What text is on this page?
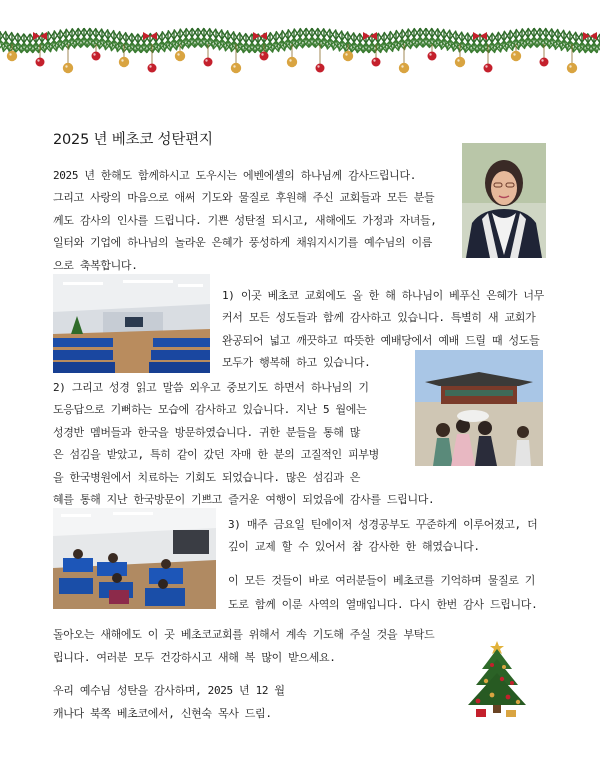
2025 년 베초코 성탄편지
2025 년 한해도 함께하시고 도우시는 에벤에셀의 하나님께 감사드립니다.
그리고 사랑의 마음으로 애써 기도와 물질로 후원해 주신 교회들과 모든 분들
께도 감사의 인사를 드립니다. 기쁜 성탄절 되시고, 새해에도 가정과 자녀들,
일터와 기업에 하나님의 놀라운 은혜가 풍성하게 채워지시기를 예수님의 이름
으로 축복합니다.
1) 이곳 베초코 교회에도 올 한 해 하나님이 베푸신 은혜가 너무
커서 모든 성도들과 함께 감사하고 있습니다. 특별히 새 교회가
완공되어 넓고 깨끗하고 따뜻한 예배당에서 예배 드릴 때 성도들
모두가 행복해 하고 있습니다.
2) 그리고 성경 읽고 말씀 외우고 중보기도 하면서 하나님의 기
도응답으로 기뻐하는 모습에 감사하고 있습니다. 지난 5 월에는
성경반 멤버들과 한국을 방문하였습니다. 귀한 분들을 통해 많
은 섬김을 받았고, 특히 같이 갔던 자매 한 분의 고질적인 피부병
을 한국병원에서 치료하는 기회도 되었습니다. 많은 섬김과 은
혜를 통해 지난 한국방문이 기쁘고 즐거운 여행이 되었음에 감사를 드립니다.
3) 매주 금요일 틴에이저 성경공부도 꾸준하게 이루어졌고, 더
깊이 교제 할 수 있어서 참 감사한 한 해였습니다.
이 모든 것들이 바로 여러분들이 베초코를 기억하며 물질로 기
도로 함께 이룬 사역의 열매입니다. 다시 한번 감사 드립니다.
돌아오는 새해에도 이 곳 베초코교회를 위해서 계속 기도해 주실 것을 부탁드
립니다. 여러분 모두 건강하시고 새해 복 많이 받으세요.
우리 예수님 성탄을 감사하며, 2025 년 12 월
캐나다 북쪽 베초코에서, 신현숙 목사 드림.
